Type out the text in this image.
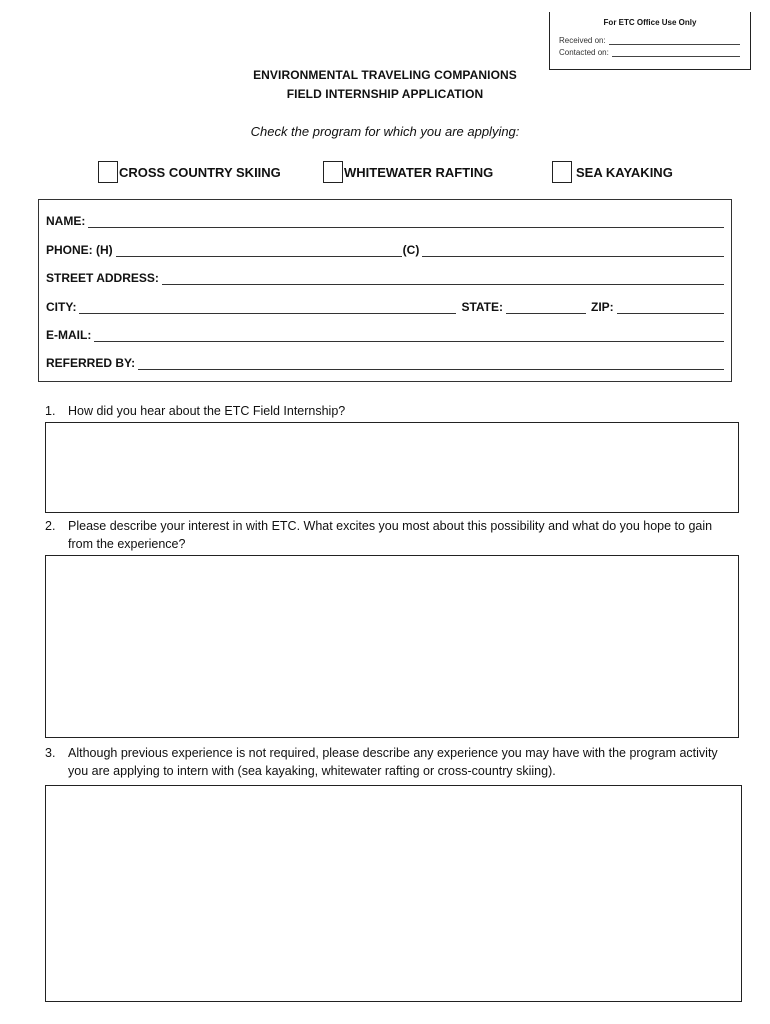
For ETC Office Use Only
Received on:
Contacted on:
ENVIRONMENTAL TRAVELING COMPANIONS
FIELD INTERNSHIP APPLICATION
Check the program for which you are applying:
CROSS COUNTRY SKIING	WHITEWATER RAFTING	SEA KAYAKING
NAME:
PHONE: (H)	(C)
STREET ADDRESS:
CITY:	STATE:	ZIP:
E-MAIL:
REFERRED BY:
1.	How did you hear about the ETC Field Internship?
2.	Please describe your interest in with ETC. What excites you most about this possibility and what do you hope to gain from the experience?
3.	Although previous experience is not required, please describe any experience you may have with the program activity you are applying to intern with (sea kayaking, whitewater rafting or cross-country skiing).
